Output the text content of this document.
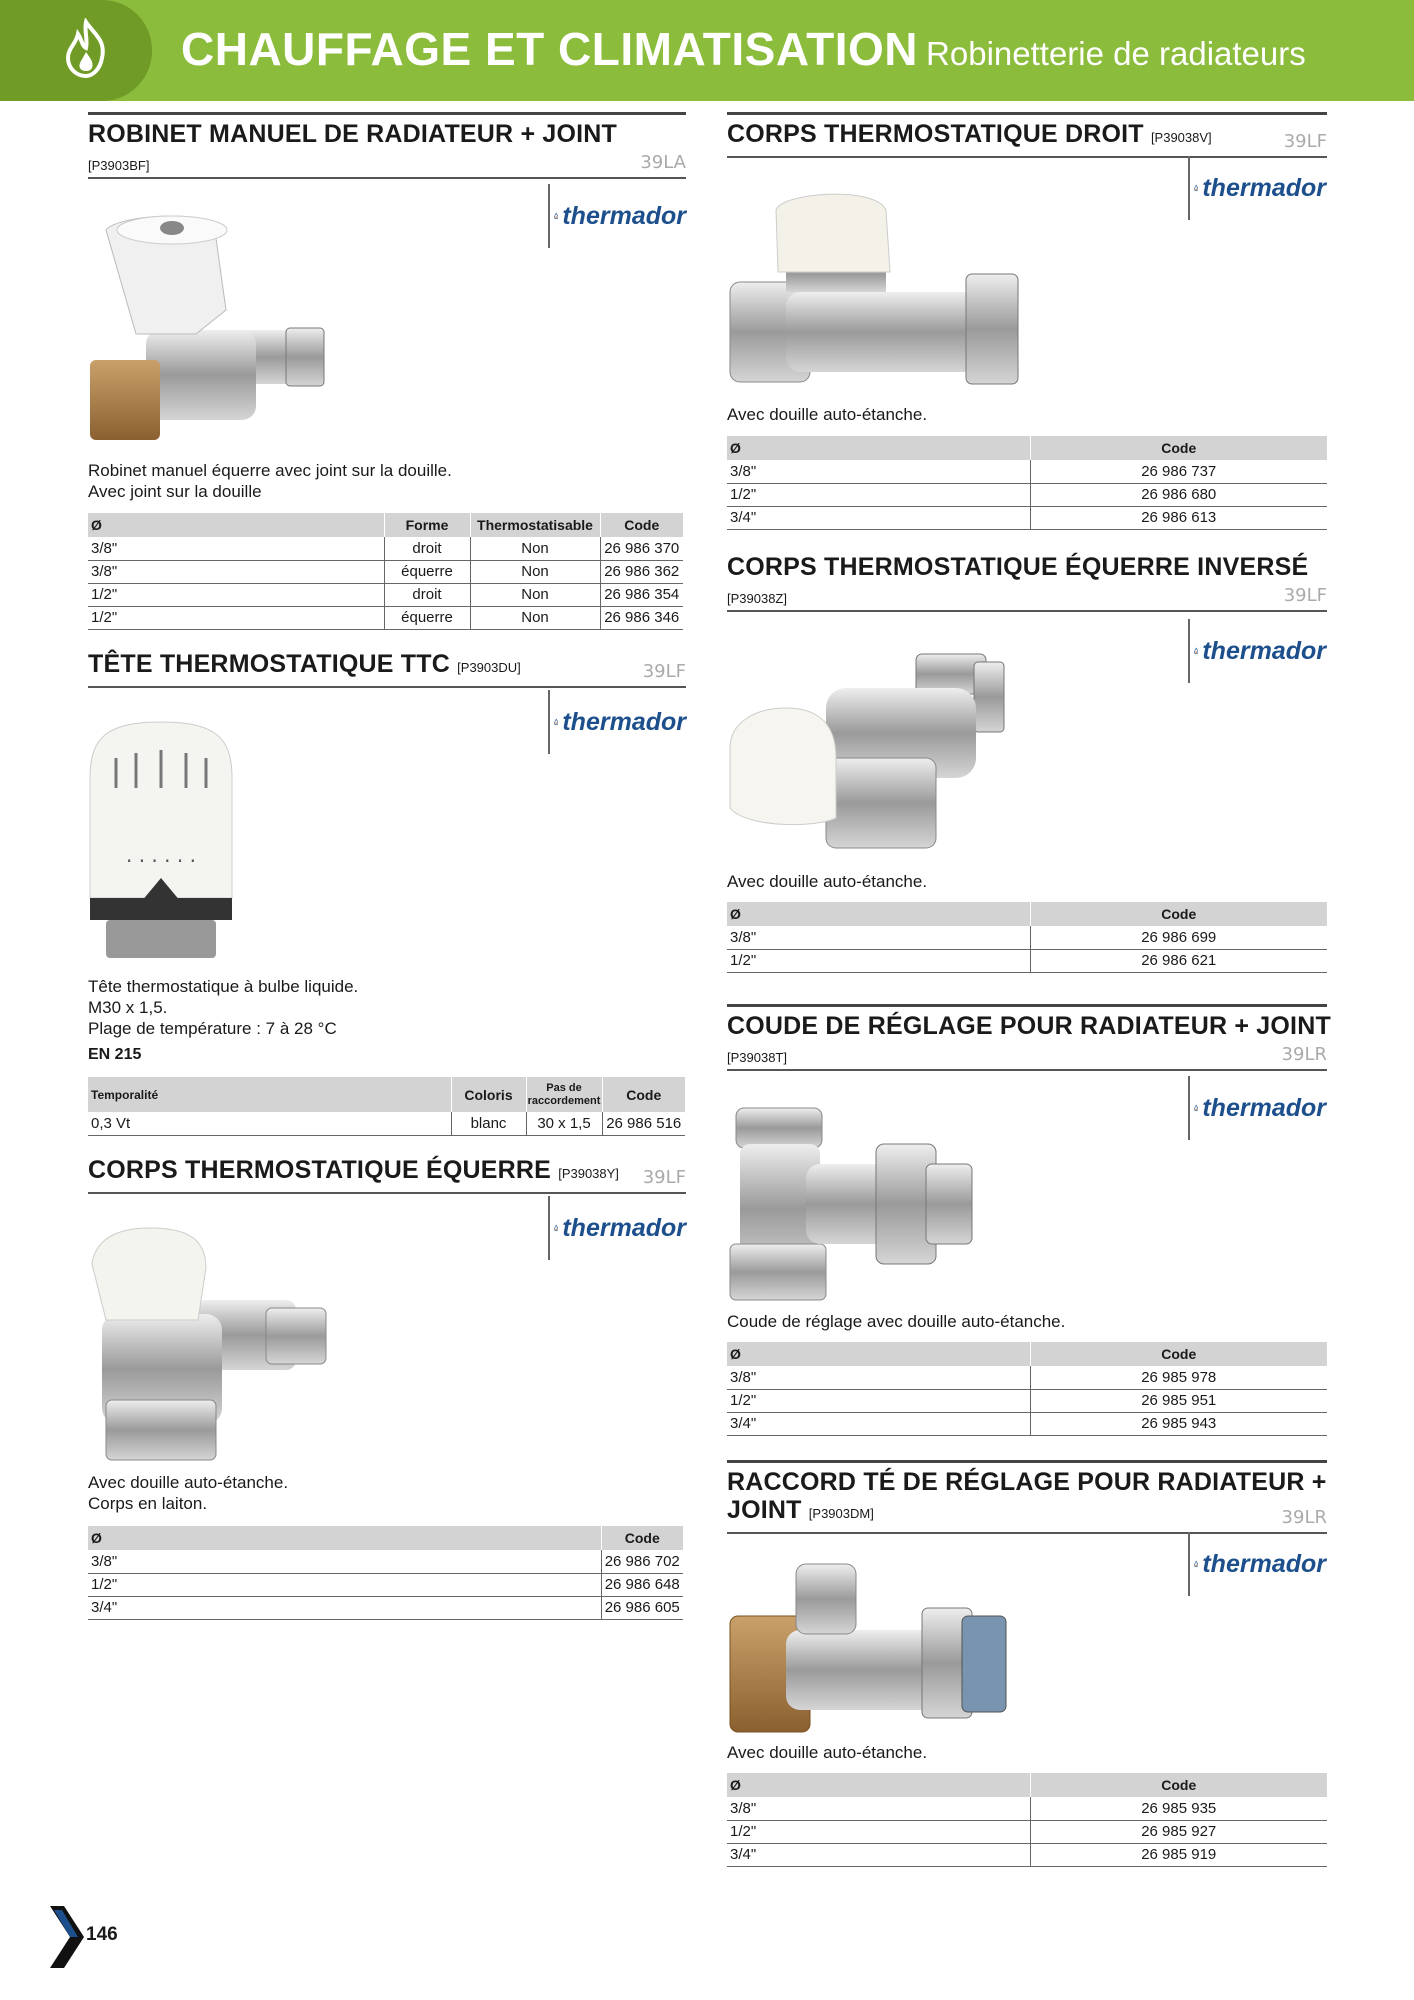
CHAUFFAGE ET CLIMATISATION Robinetterie de radiateurs
ROBINET MANUEL DE RADIATEUR + JOINT
[P3903BF]	39LA
thermador
Robinet manuel équerre avec joint sur la douille.
Avec joint sur la douille
Ø	Forme	Thermostatisable	Code
3/8"	droit	Non	26 986 370
3/8"	équerre	Non	26 986 362
1/2"	droit	Non	26 986 354
1/2"	équerre	Non	26 986 346
TÊTE THERMOSTATIQUE TTC [P3903DU]	39LF
thermador
· · · · · ·
Tête thermostatique à bulbe liquide.
M30 x 1,5.
Plage de température : 7 à 28 °C
EN 215
Temporalité	Coloris	Pas de raccordement	Code
0,3 Vt	blanc	30 x 1,5	26 986 516
CORPS THERMOSTATIQUE ÉQUERRE [P39038Y] 39LF
thermador
Avec douille auto-étanche.
Corps en laiton.
Ø	Code
3/8"	26 986 702
1/2"	26 986 648
3/4"	26 986 605
CORPS THERMOSTATIQUE DROIT [P39038V]	39LF
thermador
Avec douille auto-étanche.
Ø	Code
3/8"	26 986 737
1/2"	26 986 680
3/4"	26 986 613
CORPS THERMOSTATIQUE ÉQUERRE INVERSÉ
[P39038Z]	39LF
thermador
Avec douille auto-étanche.
Ø	Code
3/8"	26 986 699
1/2"	26 986 621
COUDE DE RÉGLAGE POUR RADIATEUR + JOINT
[P39038T]	39LR
thermador
Coude de réglage avec douille auto-étanche.
Ø	Code
3/8"	26 985 978
1/2"	26 985 951
3/4"	26 985 943
RACCORD TÉ DE RÉGLAGE POUR RADIATEUR +
JOINT [P3903DM]	39LR
thermador
Avec douille auto-étanche.
Ø	Code
3/8"	26 985 935
1/2"	26 985 927
3/4"	26 985 919
146
